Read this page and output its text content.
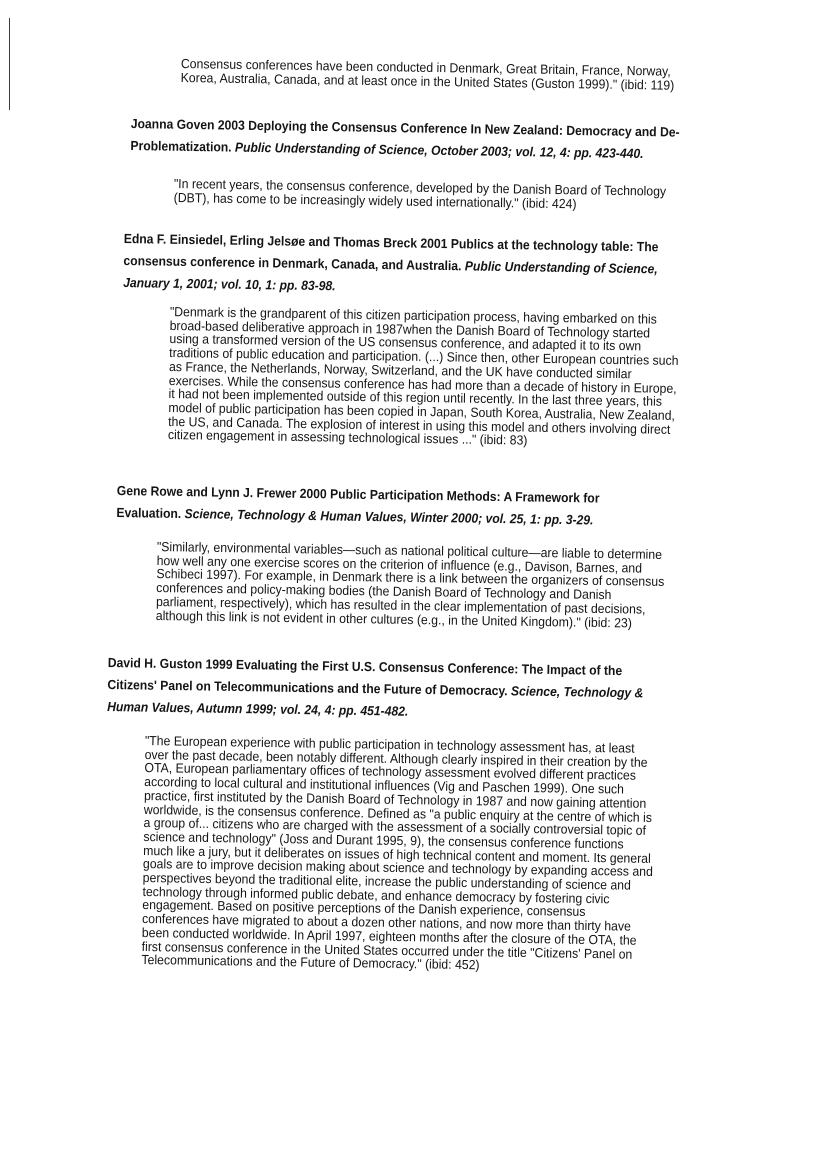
Consensus conferences have been conducted in Denmark, Great Britain, France, Norway,
Korea, Australia, Canada, and at least once in the United States (Guston 1999)." (ibid: 119)

Joanna Goven 2003 Deploying the Consensus Conference In New Zealand: Democracy and De-
Problematization. Public Understanding of Science, October 2003; vol. 12, 4: pp. 423-440.

"In recent years, the consensus conference, developed by the Danish Board of Technology
(DBT), has come to be increasingly widely used internationally." (ibid: 424)

Edna F. Einsiedel, Erling Jelsøe and Thomas Breck 2001 Publics at the technology table: The
consensus conference in Denmark, Canada, and Australia. Public Understanding of Science,
January 1, 2001; vol. 10, 1: pp. 83-98.

"Denmark is the grandparent of this citizen participation process, having embarked on this
broad-based deliberative approach in 1987when the Danish Board of Technology started
using a transformed version of the US consensus conference, and adapted it to its own
traditions of public education and participation. (...) Since then, other European countries such
as France, the Netherlands, Norway, Switzerland, and the UK have conducted similar
exercises. While the consensus conference has had more than a decade of history in Europe,
it had not been implemented outside of this region until recently. In the last three years, this
model of public participation has been copied in Japan, South Korea, Australia, New Zealand,
the US, and Canada. The explosion of interest in using this model and others involving direct
citizen engagement in assessing technological issues ..." (ibid: 83)

Gene Rowe and Lynn J. Frewer 2000 Public Participation Methods: A Framework for
Evaluation. Science, Technology & Human Values, Winter 2000; vol. 25, 1: pp. 3-29.

"Similarly, environmental variables—such as national political culture—are liable to determine
how well any one exercise scores on the criterion of influence (e.g., Davison, Barnes, and
Schibeci 1997). For example, in Denmark there is a link between the organizers of consensus
conferences and policy-making bodies (the Danish Board of Technology and Danish
parliament, respectively), which has resulted in the clear implementation of past decisions,
although this link is not evident in other cultures (e.g., in the United Kingdom)." (ibid: 23)

David H. Guston 1999 Evaluating the First U.S. Consensus Conference: The Impact of the
Citizens' Panel on Telecommunications and the Future of Democracy. Science, Technology &
Human Values, Autumn 1999; vol. 24, 4: pp. 451-482.

"The European experience with public participation in technology assessment has, at least
over the past decade, been notably different. Although clearly inspired in their creation by the
OTA, European parliamentary offices of technology assessment evolved different practices
according to local cultural and institutional influences (Vig and Paschen 1999). One such
practice, first instituted by the Danish Board of Technology in 1987 and now gaining attention
worldwide, is the consensus conference. Defined as "a public enquiry at the centre of which is
a group of... citizens who are charged with the assessment of a socially controversial topic of
science and technology" (Joss and Durant 1995, 9), the consensus conference functions
much like a jury, but it deliberates on issues of high technical content and moment. Its general
goals are to improve decision making about science and technology by expanding access and
perspectives beyond the traditional elite, increase the public understanding of science and
technology through informed public debate, and enhance democracy by fostering civic
engagement. Based on positive perceptions of the Danish experience, consensus
conferences have migrated to about a dozen other nations, and now more than thirty have
been conducted worldwide. In April 1997, eighteen months after the closure of the OTA, the
first consensus conference in the United States occurred under the title "Citizens' Panel on
Telecommunications and the Future of Democracy." (ibid: 452)
